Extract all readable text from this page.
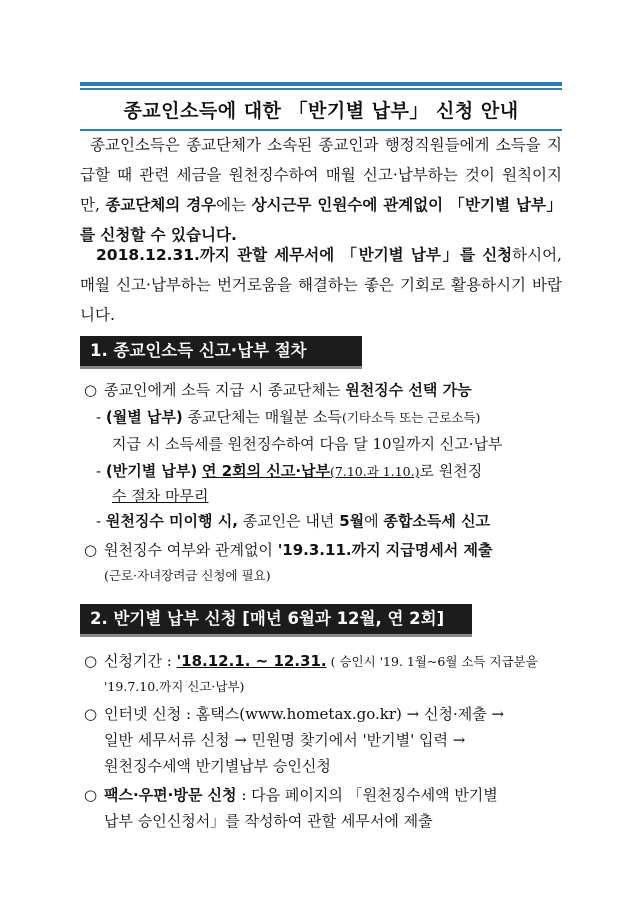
종교인소득에 대한 「반기별 납부」 신청 안내
종교인소득은 종교단체가 소속된 종교인과 행정직원들에게 소득을 지급할 때 관련 세금을 원천징수하여 매월 신고·납부하는 것이 원칙이지만, 종교단체의 경우에는 상시근무 인원수에 관계없이 「반기별 납부」를 신청할 수 있습니다.
2018.12.31.까지 관할 세무서에 「반기별 납부」를 신청하시어, 매월 신고·납부하는 번거로움을 해결하는 좋은 기회로 활용하시기 바랍니다.
1. 종교인소득 신고·납부 절차
○ 종교인에게 소득 지급 시 종교단체는 원천징수 선택 가능
- (월별 납부) 종교단체는 매월분 소득(기타소득 또는 근로소득)
지급 시 소득세를 원천징수하여 다음 달 10일까지 신고·납부
- (반기별 납부) 연 2회의 신고·납부(7.10.과 1.10.)로 원천징
수 절차 마무리
- 원천징수 미이행 시, 종교인은 내년 5월에 종합소득세 신고
○ 원천징수 여부와 관계없이 '19.3.11.까지 지급명세서 제출
(근로·자녀장려금 신청에 필요)
2. 반기별 납부 신청 [매년 6월과 12월, 연 2회]
○ 신청기간 : '18.12.1. ~ 12.31. ( 승인시 '19. 1월~6월 소득 지급분을
'19.7.10.까지 신고·납부)
○ 인터넷 신청 : 홈택스(www.hometax.go.kr) → 신청·제출 →
일반 세무서류 신청 → 민원명 찾기에서 '반기별' 입력 →
원천징수세액 반기별납부 승인신청
○ 팩스·우편·방문 신청 : 다음 페이지의 「원천징수세액 반기별
납부 승인신청서」를 작성하여 관할 세무서에 제출
